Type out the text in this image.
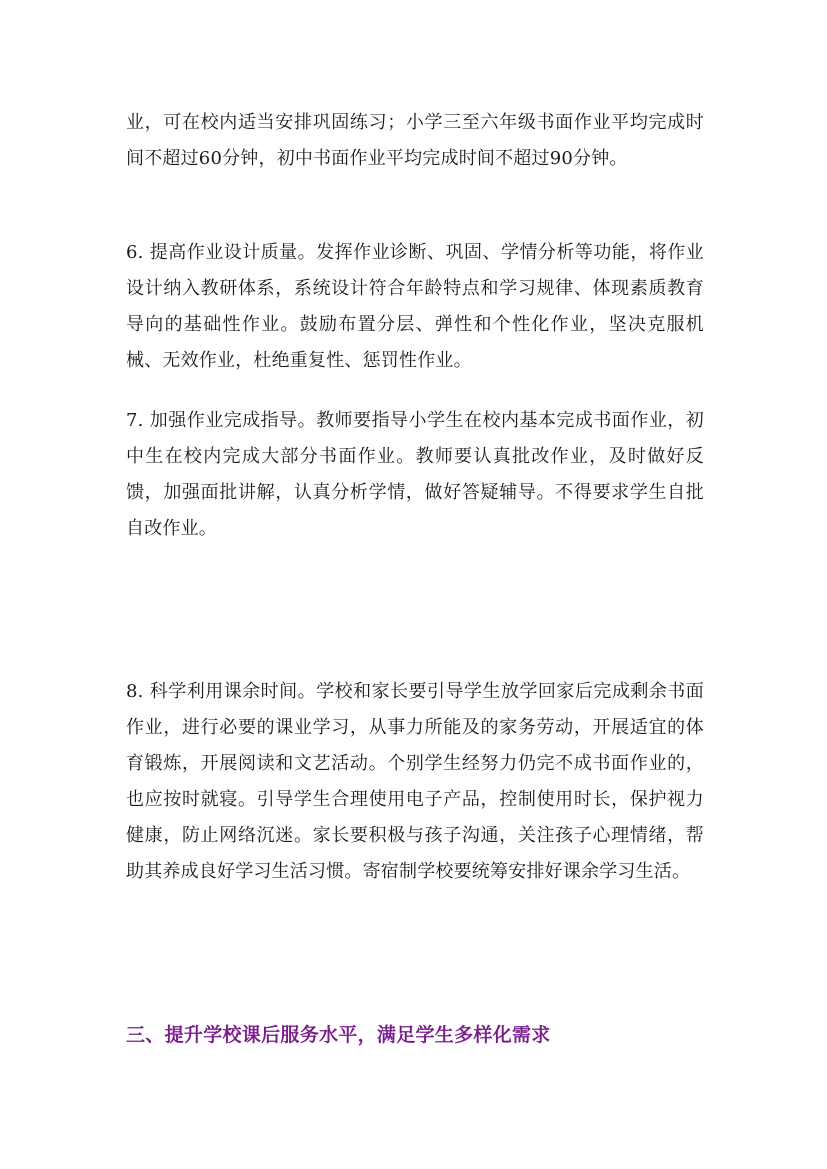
业，可在校内适当安排巩固练习；小学三至六年级书面作业平均完成时间不超过60分钟，初中书面作业平均完成时间不超过90分钟。

6. 提高作业设计质量。发挥作业诊断、巩固、学情分析等功能，将作业设计纳入教研体系，系统设计符合年龄特点和学习规律、体现素质教育导向的基础性作业。鼓励布置分层、弹性和个性化作业，坚决克服机械、无效作业，杜绝重复性、惩罚性作业。

7. 加强作业完成指导。教师要指导小学生在校内基本完成书面作业，初中生在校内完成大部分书面作业。教师要认真批改作业，及时做好反馈，加强面批讲解，认真分析学情，做好答疑辅导。不得要求学生自批自改作业。

8. 科学利用课余时间。学校和家长要引导学生放学回家后完成剩余书面作业，进行必要的课业学习，从事力所能及的家务劳动，开展适宜的体育锻炼，开展阅读和文艺活动。个别学生经努力仍完不成书面作业的，也应按时就寝。引导学生合理使用电子产品，控制使用时长，保护视力健康，防止网络沉迷。家长要积极与孩子沟通，关注孩子心理情绪，帮助其养成良好学习生活习惯。寄宿制学校要统筹安排好课余学习生活。

三、提升学校课后服务水平，满足学生多样化需求
